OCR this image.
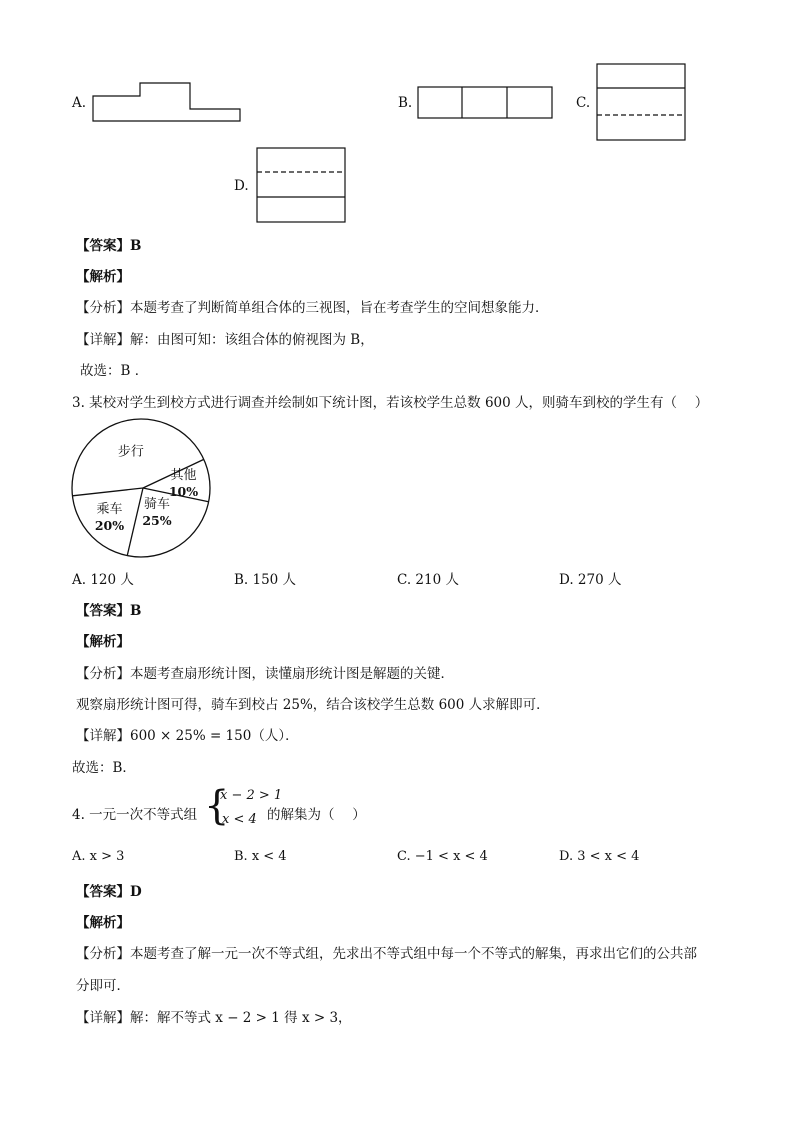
A.	B.	C.
D.
【答案】B
【解析】
【分析】本题考查了判断简单组合体的三视图，旨在考查学生的空间想象能力．
【详解】解：由图可知：该组合体的俯视图为 B，
故选：B ．
3. 某校对学生到校方式进行调查并绘制如下统计图，若该校学生总数 600 人，则骑车到校的学生有（　 ）
步行
其他
10%
骑车
25%
乘车
20%
A. 120 人	B. 150 人	C. 210 人	D. 270 人
【答案】B
【解析】
【分析】本题考查扇形统计图，读懂扇形统计图是解题的关键．
观察扇形统计图可得，骑车到校占 25%，结合该校学生总数 600 人求解即可．
【详解】600 × 25% = 150（人）．
故选：B．
4. 一元一次不等式组 {
x − 2 > 1
x < 4 的解集为（　 ）
A. x > 3	B. x < 4	C. −1 < x < 4	D. 3 < x < 4
【答案】D
【解析】
【分析】本题考查了解一元一次不等式组，先求出不等式组中每一个不等式的解集，再求出它们的公共部
分即可．
【详解】解：解不等式 x − 2 > 1 得 x > 3，
